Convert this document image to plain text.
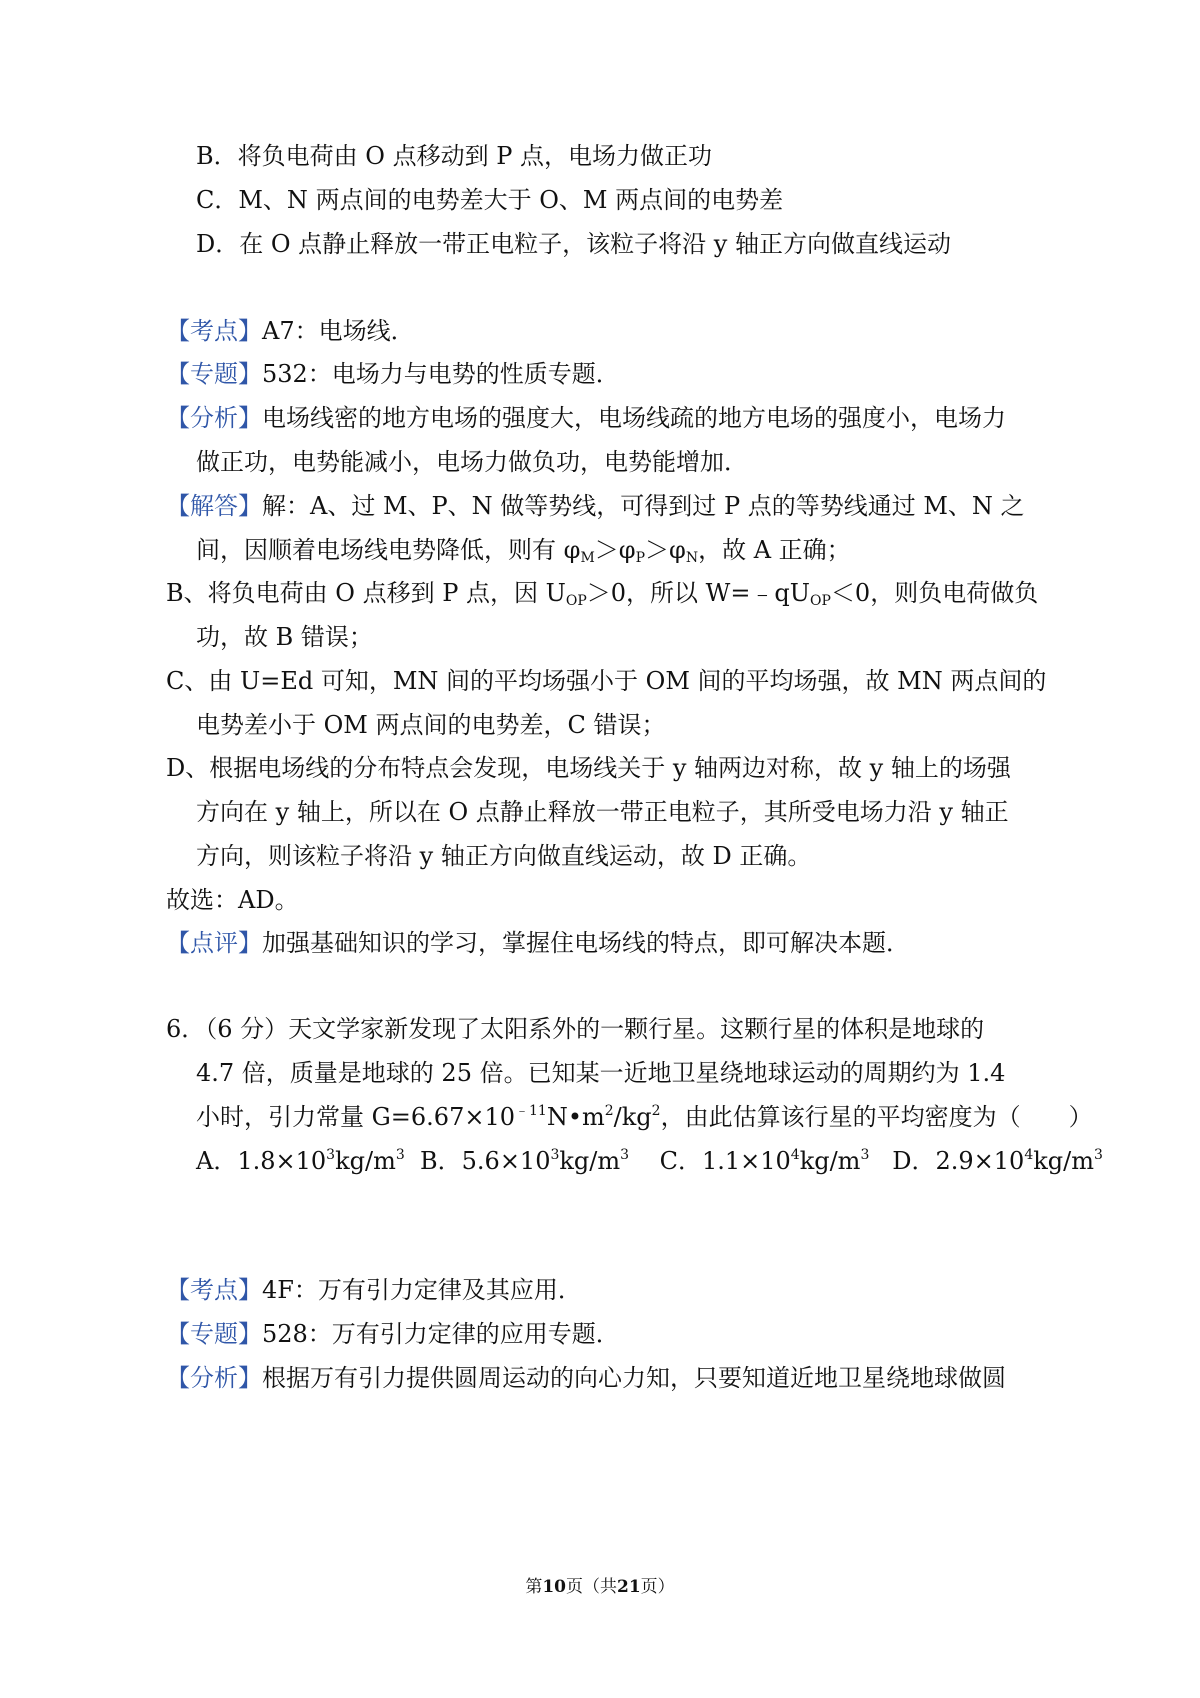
B．将负电荷由 O 点移动到 P 点，电场力做正功
C．M、N 两点间的电势差大于 O、M 两点间的电势差
D．在 O 点静止释放一带正电粒子，该粒子将沿 y 轴正方向做直线运动
【考点】A7：电场线．
【专题】532：电场力与电势的性质专题．
【分析】电场线密的地方电场的强度大，电场线疏的地方电场的强度小，电场力
做正功，电势能减小，电场力做负功，电势能增加．
【解答】解：A、过 M、P、N 做等势线，可得到过 P 点的等势线通过 M、N 之
间，因顺着电场线电势降低，则有 $\varphi_M>\varphi_P>\varphi_N$，故 A 正确；
B、将负电荷由 O 点移到 P 点，因 $U_{OP}>0$，所以 $W=﹣qU_{OP}<0$，则负电荷做负
功，故 B 错误；
C、由 U=Ed 可知，MN 间的平均场强小于 OM 间的平均场强，故 MN 两点间的
电势差小于 OM 两点间的电势差，C 错误；
D、根据电场线的分布特点会发现，电场线关于 y 轴两边对称，故 y 轴上的场强
方向在 y 轴上，所以在 O 点静止释放一带正电粒子，其所受电场力沿 y 轴正
方向，则该粒子将沿 y 轴正方向做直线运动，故 D 正确。
故选：AD。
【点评】加强基础知识的学习，掌握住电场线的特点，即可解决本题．
6．（6 分）天文学家新发现了太阳系外的一颗行星。这颗行星的体积是地球的
4.7 倍，质量是地球的 25 倍。已知某一近地卫星绕地球运动的周期约为 1.4
小时，引力常量 $G=6.67\times 10^{﹣11}N•m^2/kg^2$，由此估算该行星的平均密度为（　　）
A．$1.8\times 10^3kg/m^3$ B．$5.6\times 10^3kg/m^3$ C．$1.1\times 10^4kg/m^3$ D．$2.9\times 10^4kg/m^3$
【考点】4F：万有引力定律及其应用．
【专题】528：万有引力定律的应用专题．
【分析】根据万有引力提供圆周运动的向心力知，只要知道近地卫星绕地球做圆
第10页（共21页）
